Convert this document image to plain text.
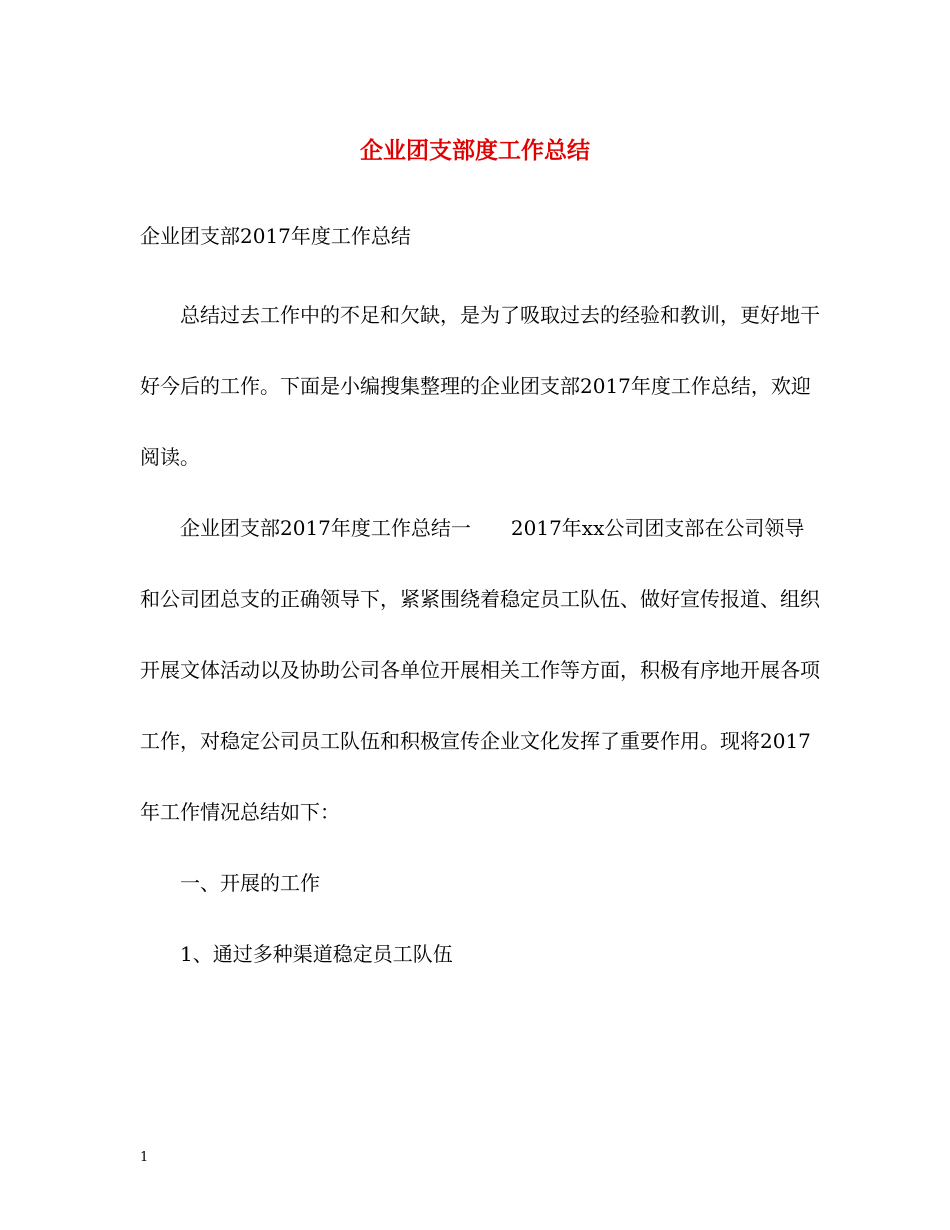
企业团支部度工作总结

企业团支部2017年度工作总结

总结过去工作中的不足和欠缺，是为了吸取过去的经验和教训，更好地干好今后的工作。下面是小编搜集整理的企业团支部2017年度工作总结，欢迎阅读。

企业团支部2017年度工作总结一　　2017年xx公司团支部在公司领导和公司团总支的正确领导下，紧紧围绕着稳定员工队伍、做好宣传报道、组织开展文体活动以及协助公司各单位开展相关工作等方面，积极有序地开展各项工作，对稳定公司员工队伍和积极宣传企业文化发挥了重要作用。现将2017年工作情况总结如下：

一、开展的工作

1、通过多种渠道稳定员工队伍

1
